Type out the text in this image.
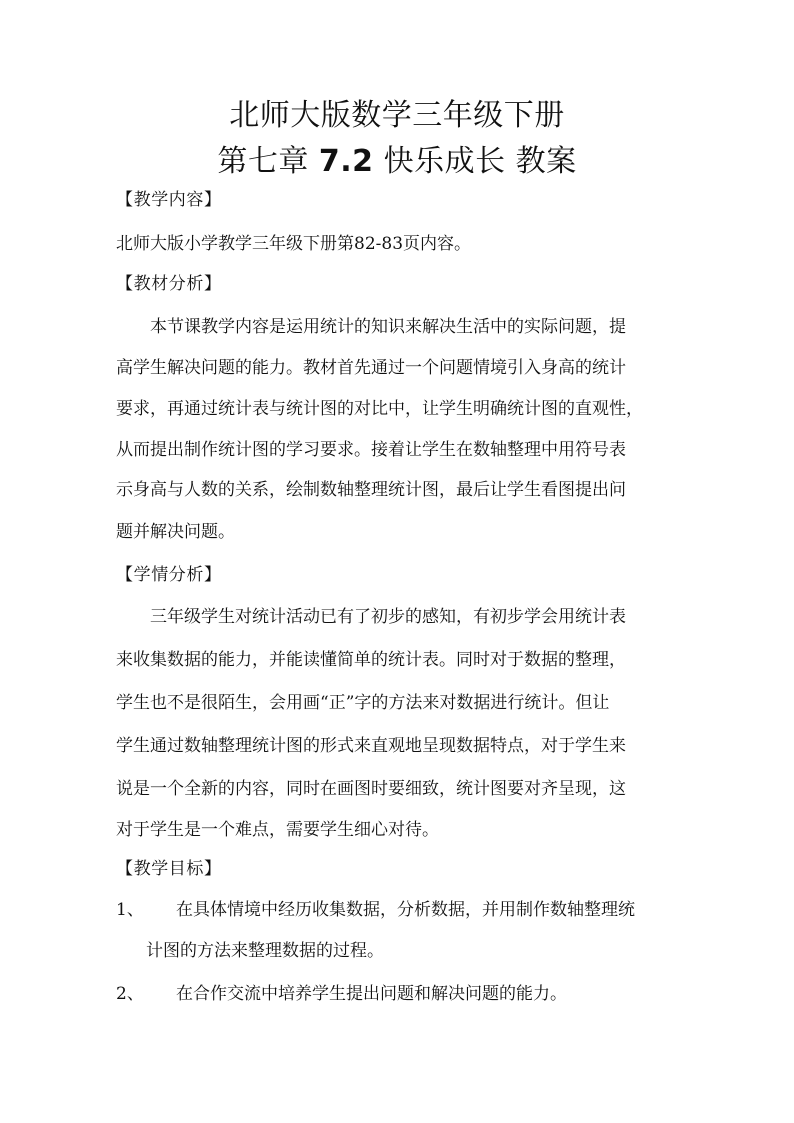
北师大版数学三年级下册
第七章 7.2 快乐成长 教案
【教学内容】
北师大版小学教学三年级下册第82-83页内容。
【教材分析】
本节课教学内容是运用统计的知识来解决生活中的实际问题，提
高学生解决问题的能力。教材首先通过一个问题情境引入身高的统计
要求，再通过统计表与统计图的对比中，让学生明确统计图的直观性，
从而提出制作统计图的学习要求。接着让学生在数轴整理中用符号表
示身高与人数的关系，绘制数轴整理统计图，最后让学生看图提出问
题并解决问题。
【学情分析】
三年级学生对统计活动已有了初步的感知，有初步学会用统计表
来收集数据的能力，并能读懂简单的统计表。同时对于数据的整理，
学生也不是很陌生，会用画“正”字的方法来对数据进行统计。但让
学生通过数轴整理统计图的形式来直观地呈现数据特点，对于学生来
说是一个全新的内容，同时在画图时要细致，统计图要对齐呈现，这
对于学生是一个难点，需要学生细心对待。
【教学目标】
1、 在具体情境中经历收集数据，分析数据，并用制作数轴整理统
计图的方法来整理数据的过程。
2、 在合作交流中培养学生提出问题和解决问题的能力。
